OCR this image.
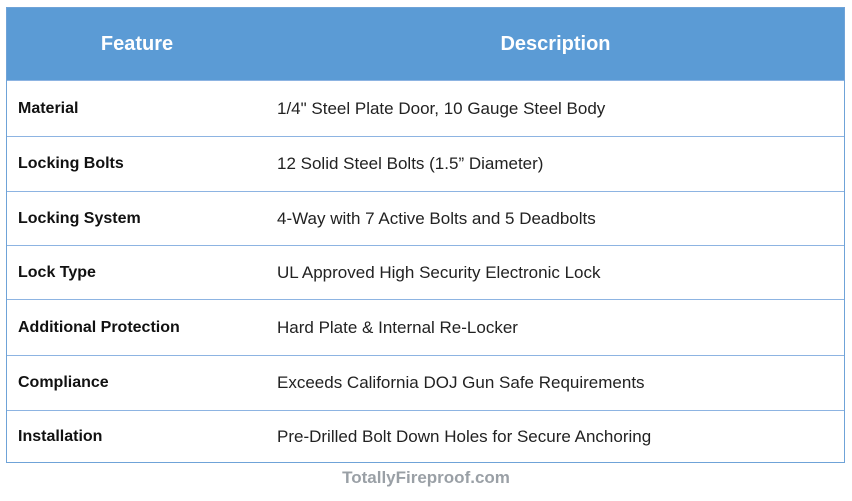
Feature	Description
Material	1/4" Steel Plate Door, 10 Gauge Steel Body
Locking Bolts	12 Solid Steel Bolts (1.5” Diameter)
Locking System	4-Way with 7 Active Bolts and 5 Deadbolts
Lock Type	UL Approved High Security Electronic Lock
Additional Protection	Hard Plate & Internal Re-Locker
Compliance	Exceeds California DOJ Gun Safe Requirements
Installation	Pre-Drilled Bolt Down Holes for Secure Anchoring
TotallyFireproof.com
